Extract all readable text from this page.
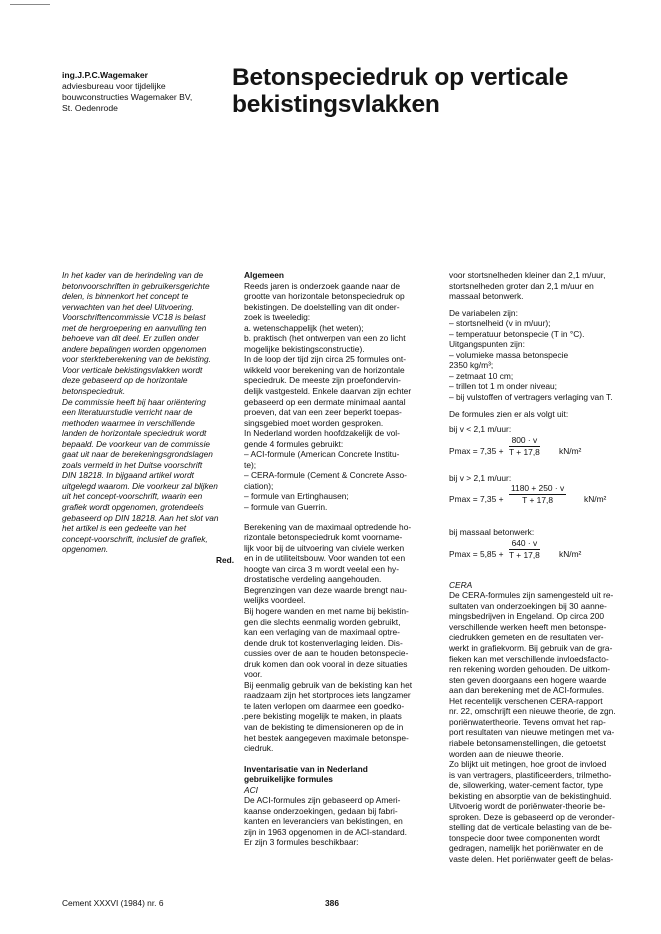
ing.J.P.C.Wagemaker
adviesbureau voor tijdelijke
bouwconstructies Wagemaker BV,
St. Oedenrode
Betonspeciedruk op verticale
bekistingsvlakken
In het kader van de herindeling van de
betonvoorschriften in gebruikersgerichte
delen, is binnenkort het concept te
verwachten van het deel Uitvoering.
Voorschriftencommissie VC18 is belast
met de hergroepering en aanvulling ten
behoeve van dit deel. Er zullen onder
andere bepalingen worden opgenomen
voor sterkteberekening van de bekisting.
Voor verticale bekistingsvlakken wordt
deze gebaseerd op de horizontale
betonspeciedruk.
De commissie heeft bij haar oriëntering
een literatuurstudie verricht naar de
methoden waarmee in verschillende
landen de horizontale speciedruk wordt
bepaald. De voorkeur van de commissie
gaat uit naar de berekeningsgrondslagen
zoals vermeld in het Duitse voorschrift
DIN 18218. In bijgaand artikel wordt
uitgelegd waarom. Die voorkeur zal blijken
uit het concept-voorschrift, waarin een
grafiek wordt opgenomen, grotendeels
gebaseerd op DIN 18218. Aan het slot van
het artikel is een gedeelte van het
concept-voorschrift, inclusief de grafiek,
opgenomen.
Red.
Algemeen
Reeds jaren is onderzoek gaande naar de
grootte van horizontale betonspeciedruk op
bekistingen. De doelstelling van dit onder-
zoek is tweeledig:
a. wetenschappelijk (het weten);
b. praktisch (het ontwerpen van een zo licht
mogelijke bekistingsconstructie).
In de loop der tijd zijn circa 25 formules ont-
wikkeld voor berekening van de horizontale
speciedruk. De meeste zijn proefondervin-
delijk vastgesteld. Enkele daarvan zijn echter
gebaseerd op een dermate minimaal aantal
proeven, dat van een zeer beperkt toepas-
singsgebied moet worden gesproken.
In Nederland worden hoofdzakelijk de vol-
gende 4 formules gebruikt:
– ACI-formule (American Concrete Institu-
te);
– CERA-formule (Cement & Concrete Asso-
ciation);
– formule van Ertinghausen;
– formule van Guerrin.
Berekening van de maximaal optredende ho-
rizontale betonspeciedruk komt voorname-
lijk voor bij de uitvoering van civiele werken
en in de utiliteitsbouw. Voor wanden tot een
hoogte van circa 3 m wordt veelal een hy-
drostatische verdeling aangehouden.
Begrenzingen van deze waarde brengt nau-
welijks voordeel.
Bij hogere wanden en met name bij bekistin-
gen die slechts eenmalig worden gebruikt,
kan een verlaging van de maximaal optre-
dende druk tot kostenverlaging leiden. Dis-
cussies over de aan te houden betonspecie-
druk komen dan ook vooral in deze situaties
voor.
Bij eenmalig gebruik van de bekisting kan het
raadzaam zijn het stortproces iets langzamer
te laten verlopen om daarmee een goedko-
pere bekisting mogelijk te maken, in plaats
van de bekisting te dimensioneren op de in
het bestek aangegeven maximale betonspe-
ciedruk.
Inventarisatie van in Nederland
gebruikelijke formules
ACI
De ACI-formules zijn gebaseerd op Ameri-
kaanse onderzoekingen, gedaan bij fabri-
kanten en leveranciers van bekistingen, en
zijn in 1963 opgenomen in de ACI-standard.
Er zijn 3 formules beschikbaar:
voor stortsnelheden kleiner dan 2,1 m/uur,
stortsnelheden groter dan 2,1 m/uur en
massaal betonwerk.
De variabelen zijn:
– stortsnelheid (v in m/uur);
– temperatuur betonspecie (T in °C).
Uitgangspunten zijn:
– volumieke massa betonspecie
2350 kg/m³;
– zetmaat 10 cm;
– trillen tot 1 m onder niveau;
– bij vulstoffen of vertragers verlaging van T.
De formules zien er als volgt uit:
bij v < 2,1 m/uur:
$Pmax = 7,35 + \frac{800 \cdot v}{T + 17,8} kN/m^2$
bij v > 2,1 m/uur:
$Pmax = 7,35 + \frac{1180 + 250 \cdot v}{T + 17,8} kN/m^2$
bij massaal betonwerk:
$Pmax = 5,85 + \frac{640 \cdot v}{T + 17,8} kN/m^2$
CERA
De CERA-formules zijn samengesteld uit re-
sultaten van onderzoekingen bij 30 aanne-
mingsbedrijven in Engeland. Op circa 200
verschillende werken heeft men betonspe-
ciedrukken gemeten en de resultaten ver-
werkt in grafiekvorm. Bij gebruik van de gra-
fieken kan met verschillende invloedsfacto-
ren rekening worden gehouden. De uitkom-
sten geven doorgaans een hogere waarde
aan dan berekening met de ACI-formules.
Het recentelijk verschenen CERA-rapport
nr. 22, omschrijft een nieuwe theorie, de zgn.
poriënwatertheorie. Tevens omvat het rap-
port resultaten van nieuwe metingen met va-
riabele betonsamenstellingen, die getoetst
worden aan de nieuwe theorie.
Zo blijkt uit metingen, hoe groot de invloed
is van vertragers, plastificeerders, trilmetho-
de, silowerking, water-cement factor, type
bekisting en absorptie van de bekistinghuid.
Uitvoerig wordt de poriënwater-theorie be-
sproken. Deze is gebaseerd op de veronder-
stelling dat de verticale belasting van de be-
tonspecie door twee componenten wordt
gedragen, namelijk het poriënwater en de
vaste delen. Het poriënwater geeft de belas-
·
Cement XXXVI (1984) nr. 6	386
